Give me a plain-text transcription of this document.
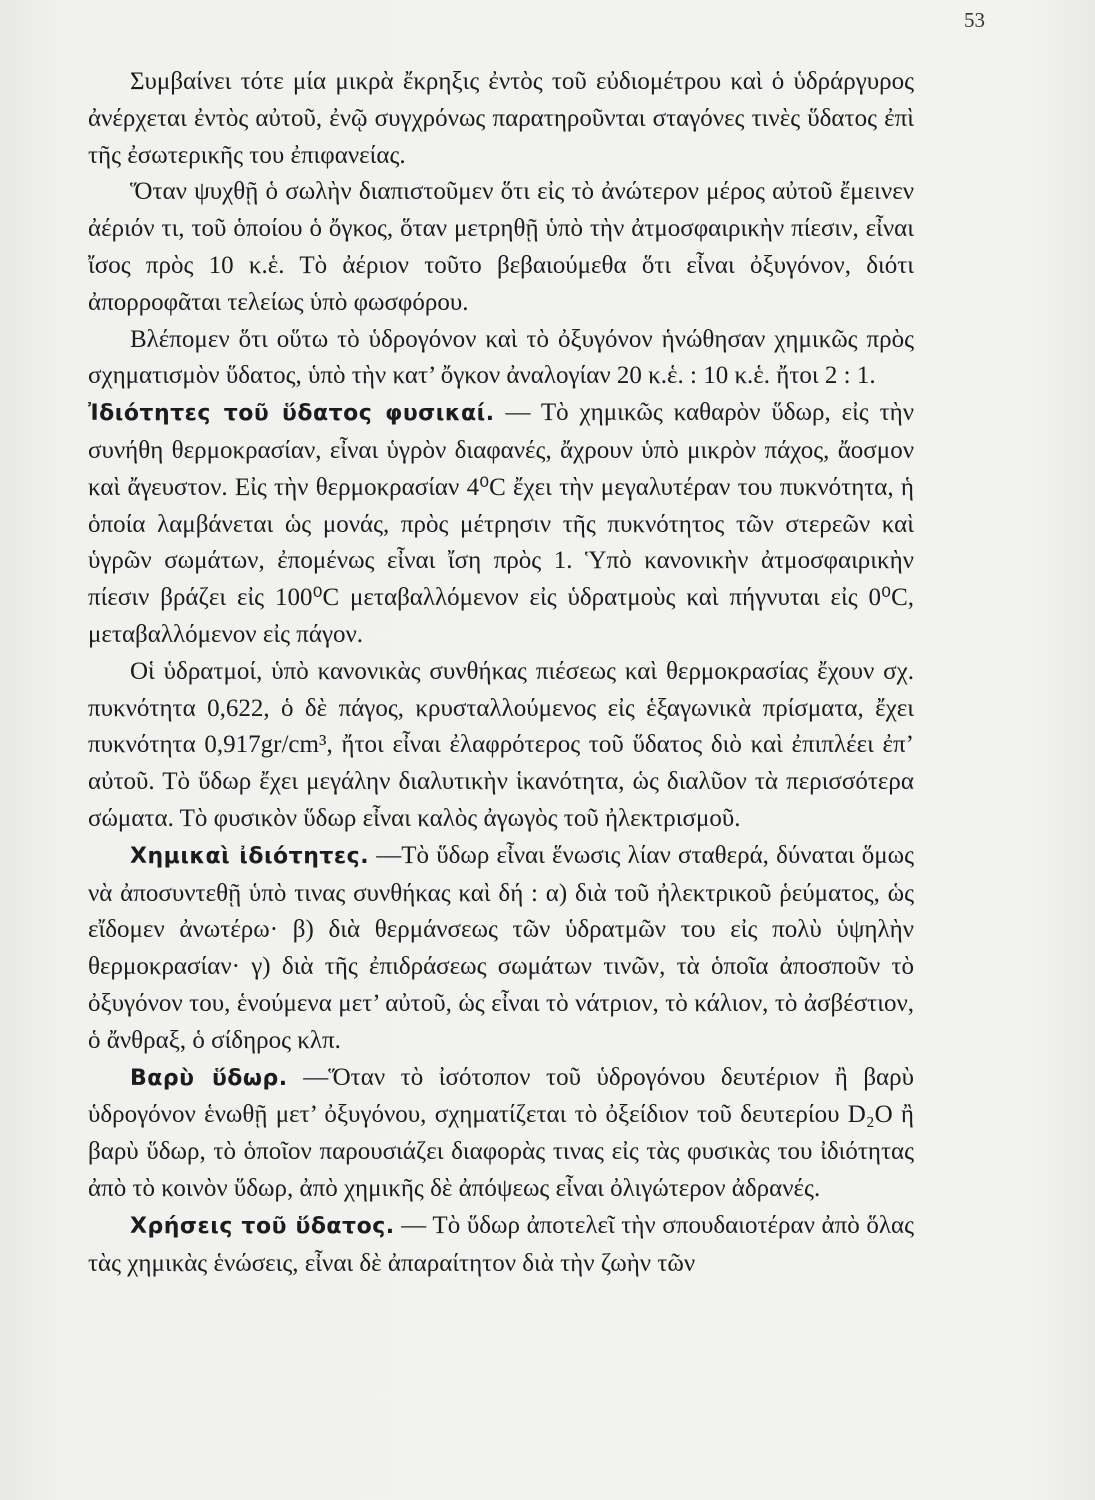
53

Συμβαίνει τότε μία μικρὰ ἔκρηξις ἐντὸς τοῦ εὐδιομέτρου καὶ ὁ ὑδράργυρος ἀνέρχεται ἐντὸς αὐτοῦ, ἐνῷ συγχρόνως παρατηροῦνται σταγόνες τινὲς ὕδατος ἐπὶ τῆς ἐσωτερικῆς του ἐπιφανείας.

Ὅταν ψυχθῇ ὁ σωλὴν διαπιστοῦμεν ὅτι εἰς τὸ ἀνώτερον μέρος αὐτοῦ ἔμεινεν ἀέριόν τι, τοῦ ὁποίου ὁ ὄγκος, ὅταν μετρηθῇ ὑπὸ τὴν ἀτμοσφαιρικὴν πίεσιν, εἶναι ἴσος πρὸς 10 κ.ἑ. Τὸ ἀέριον τοῦτο βεβαιούμεθα ὅτι εἶναι ὀξυγόνον, διότι ἀπορροφᾶται τελείως ὑπὸ φωσφόρου.

Βλέπομεν ὅτι οὕτω τὸ ὑδρογόνον καὶ τὸ ὀξυγόνον ἡνώθησαν χημικῶς πρὸς σχηματισμὸν ὕδατος, ὑπὸ τὴν κατ’ ὄγκον ἀναλογίαν 20 κ.ἑ. : 10 κ.ἑ. ἤτοι 2 : 1.

Ἰδιότητες τοῦ ὕδατος φυσικαί. — Τὸ χημικῶς καθαρὸν ὕδωρ, εἰς τὴν συνήθη θερμοκρασίαν, εἶναι ὑγρὸν διαφανές, ἄχρουν ὑπὸ μικρὸν πάχος, ἄοσμον καὶ ἄγευστον. Εἰς τὴν θερμοκρασίαν 4⁰C ἔχει τὴν μεγαλυτέραν του πυκνότητα, ἡ ὁποία λαμβάνεται ὡς μονάς, πρὸς μέτρησιν τῆς πυκνότητος τῶν στερεῶν καὶ ὑγρῶν σωμάτων, ἐπομένως εἶναι ἴση πρὸς 1. Ὑπὸ κανονικὴν ἀτμοσφαιρικὴν πίεσιν βράζει εἰς 100⁰C μεταβαλλόμενον εἰς ὑδρατμοὺς καὶ πήγνυται εἰς 0⁰C, μεταβαλλόμενον εἰς πάγον.

Οἱ ὑδρατμοί, ὑπὸ κανονικὰς συνθήκας πιέσεως καὶ θερμοκρασίας ἔχουν σχ. πυκνότητα 0,622, ὁ δὲ πάγος, κρυσταλλούμενος εἰς ἑξαγωνικὰ πρίσματα, ἔχει πυκνότητα 0,917gr/cm³, ἤτοι εἶναι ἐλαφρότερος τοῦ ὕδατος διὸ καὶ ἐπιπλέει ἐπ’ αὐτοῦ. Τὸ ὕδωρ ἔχει μεγάλην διαλυτικὴν ἱκανότητα, ὡς διαλῦον τὰ περισσότερα σώματα. Τὸ φυσικὸν ὕδωρ εἶναι καλὸς ἀγωγὸς τοῦ ἠλεκτρισμοῦ.

Χημικαὶ ἰδιότητες. —Τὸ ὕδωρ εἶναι ἕνωσις λίαν σταθερά, δύναται ὅμως νὰ ἀποσυντεθῇ ὑπὸ τινας συνθήκας καὶ δή : α) διὰ τοῦ ἠλεκτρικοῦ ῥεύματος, ὡς εἴδομεν ἀνωτέρω· β) διὰ θερμάνσεως τῶν ὑδρατμῶν του εἰς πολὺ ὑψηλὴν θερμοκρασίαν· γ) διὰ τῆς ἐπιδράσεως σωμάτων τινῶν, τὰ ὁποῖα ἀποσποῦν τὸ ὀξυγόνον του, ἑνούμενα μετ’ αὐτοῦ, ὡς εἶναι τὸ νάτριον, τὸ κάλιον, τὸ ἀσβέστιον, ὁ ἄνθραξ, ὁ σίδηρος κλπ.

Βαρὺ ὕδωρ. —Ὅταν τὸ ἰσότοπον τοῦ ὑδρογόνου δευτέριον ἢ βαρὺ ὑδρογόνον ἑνωθῇ μετ’ ὀξυγόνου, σχηματίζεται τὸ ὀξείδιον τοῦ δευτερίου D₂O ἢ βαρὺ ὕδωρ, τὸ ὁποῖον παρουσιάζει διαφορὰς τινας εἰς τὰς φυσικὰς του ἰδιότητας ἀπὸ τὸ κοινὸν ὕδωρ, ἀπὸ χημικῆς δὲ ἀπόψεως εἶναι ὀλιγώτερον ἀδρανές.

Χρήσεις τοῦ ὕδατος. — Τὸ ὕδωρ ἀποτελεῖ τὴν σπουδαιοτέραν ἀπὸ ὅλας τὰς χημικὰς ἑνώσεις, εἶναι δὲ ἀπαραίτητον διὰ τὴν ζωὴν τῶν
